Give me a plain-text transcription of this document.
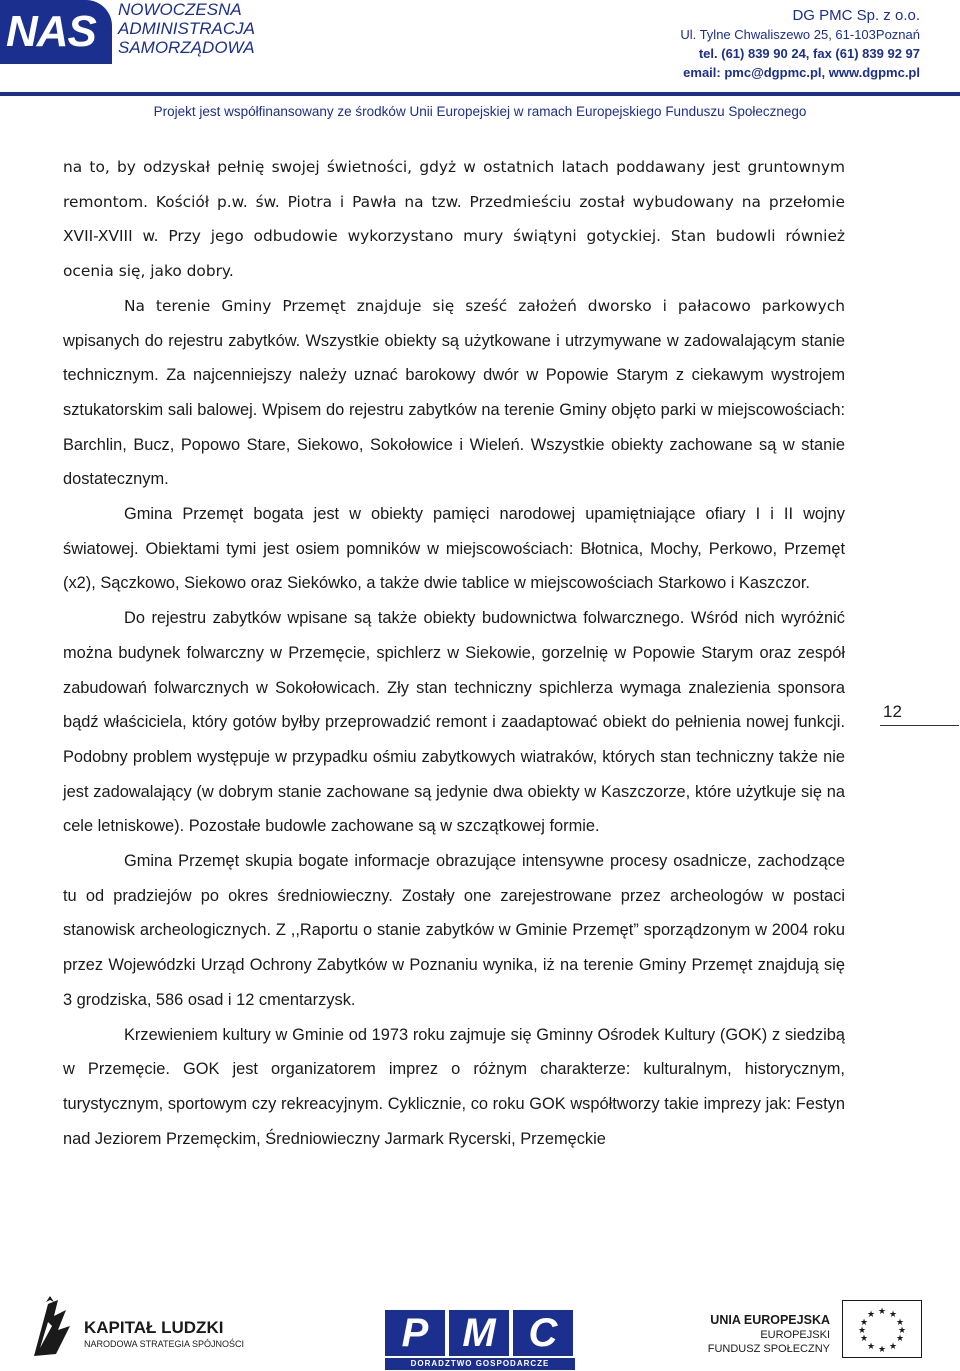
NAS NOWOCZESNA
ADMINISTRACJA
SAMORZĄDOWA
DG PMC Sp. z o.o.
Ul. Tylne Chwaliszewo 25, 61-103Poznań
tel. (61) 839 90 24, fax (61) 839 92 97
email: pmc@dgpmc.pl, www.dgpmc.pl
Projekt jest współfinansowany ze środków Unii Europejskiej w ramach Europejskiego Funduszu Społecznego

na to, by odzyskał pełnię swojej świetności, gdyż w ostatnich latach poddawany jest gruntownym remontom. Kościół p.w. św. Piotra i Pawła na tzw. Przedmieściu został wybudowany na przełomie XVII-XVIII w. Przy jego odbudowie wykorzystano mury świątyni gotyckiej. Stan budowli również ocenia się, jako dobry.

Na terenie Gminy Przemęt znajduje się sześć założeń dworsko i pałacowo parkowych wpisanych do rejestru zabytków. Wszystkie obiekty są użytkowane i utrzymywane w zadowalającym stanie technicznym. Za najcenniejszy należy uznać barokowy dwór w Popowie Starym z ciekawym wystrojem sztukatorskim sali balowej. Wpisem do rejestru zabytków na terenie Gminy objęto parki w miejscowościach: Barchlin, Bucz, Popowo Stare, Siekowo, Sokołowice i Wieleń. Wszystkie obiekty zachowane są w stanie dostatecznym.

Gmina Przemęt bogata jest w obiekty pamięci narodowej upamiętniające ofiary I i II wojny światowej. Obiektami tymi jest osiem pomników w miejscowościach: Błotnica, Mochy, Perkowo, Przemęt (x2), Sączkowo, Siekowo oraz Siekówko, a także dwie tablice w miejscowościach Starkowo i Kaszczor.

Do rejestru zabytków wpisane są także obiekty budownictwa folwarcznego. Wśród nich wyróżnić można budynek folwarczny w Przemęcie, spichlerz w Siekowie, gorzelnię w Popowie Starym oraz zespół zabudowań folwarcznych w Sokołowicach. Zły stan techniczny spichlerza wymaga znalezienia sponsora bądź właściciela, który gotów byłby przeprowadzić remont i zaadaptować obiekt do pełnienia nowej funkcji. Podobny problem występuje w przypadku ośmiu zabytkowych wiatraków, których stan techniczny także nie jest zadowalający (w dobrym stanie zachowane są jedynie dwa obiekty w Kaszczorze, które użytkuje się na cele letniskowe). Pozostałe budowle zachowane są w szczątkowej formie.

Gmina Przemęt skupia bogate informacje obrazujące intensywne procesy osadnicze, zachodzące tu od pradziejów po okres średniowieczny. Zostały one zarejestrowane przez archeologów w postaci stanowisk archeologicznych. Z ,,Raportu o stanie zabytków w Gminie Przemęt” sporządzonym w 2004 roku przez Wojewódzki Urząd Ochrony Zabytków w Poznaniu wynika, iż na terenie Gminy Przemęt znajdują się 3 grodziska, 586 osad i 12 cmentarzysk.

Krzewieniem kultury w Gminie od 1973 roku zajmuje się Gminny Ośrodek Kultury (GOK) z siedzibą w Przemęcie. GOK jest organizatorem imprez o różnym charakterze: kulturalnym, historycznym, turystycznym, sportowym czy rekreacyjnym. Cyklicznie, co roku GOK współtworzy takie imprezy jak: Festyn nad Jeziorem Przemęckim, Średniowieczny Jarmark Rycerski, Przemęckie

12
KAPITAŁ LUDZKI
NARODOWA STRATEGIA SPÓJNOŚCI	P M C
DORADZTWO GOSPODARCZE
UNIA EUROPEJSKA
EUROPEJSKI
FUNDUSZ SPOŁECZNY
★ ★
★
★
★
★
★
★
★
★
★
★
